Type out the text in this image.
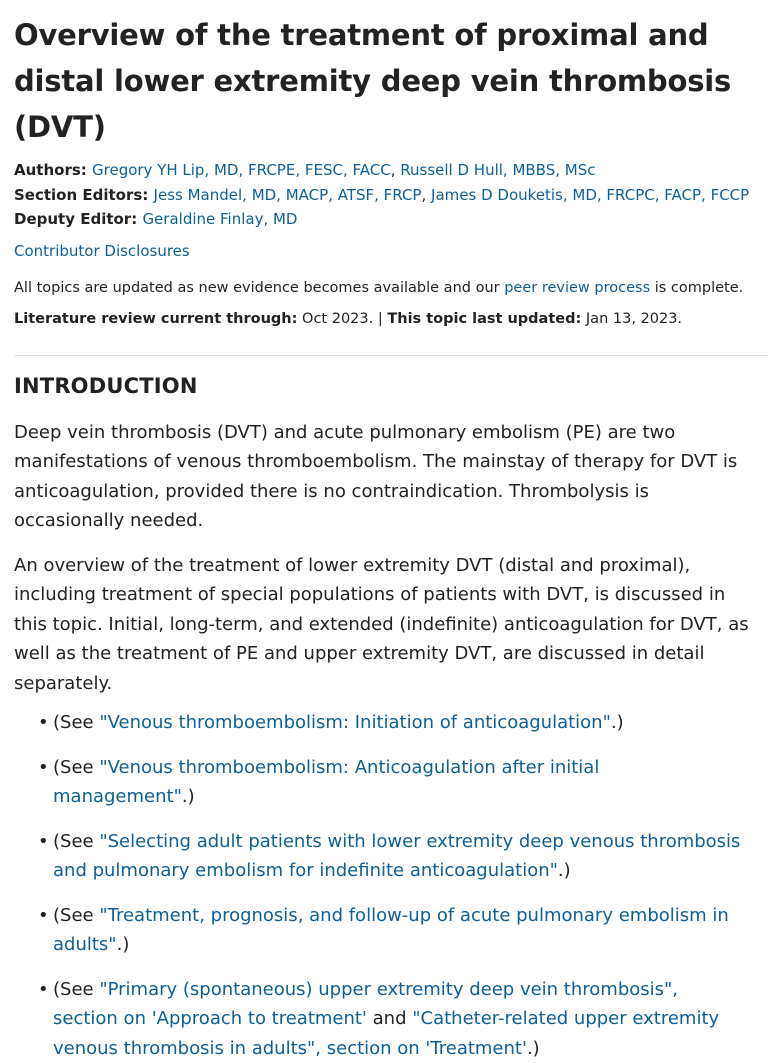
Overview of the treatment of proximal and distal lower extremity deep vein thrombosis (DVT)
Authors: Gregory YH Lip, MD, FRCPE, FESC, FACC, Russell D Hull, MBBS, MSc
Section Editors: Jess Mandel, MD, MACP, ATSF, FRCP, James D Douketis, MD, FRCPC, FACP, FCCP
Deputy Editor: Geraldine Finlay, MD
Contributor Disclosures
All topics are updated as new evidence becomes available and our peer review process is complete.
Literature review current through: Oct 2023. | This topic last updated: Jan 13, 2023.
INTRODUCTION

Deep vein thrombosis (DVT) and acute pulmonary embolism (PE) are two manifestations of venous thromboembolism. The mainstay of therapy for DVT is anticoagulation, provided there is no contraindication. Thrombolysis is occasionally needed.

An overview of the treatment of lower extremity DVT (distal and proximal), including treatment of special populations of patients with DVT, is discussed in this topic. Initial, long-term, and extended (indefinite) anticoagulation for DVT, as well as the treatment of PE and upper extremity DVT, are discussed in detail separately.

• (See "Venous thromboembolism: Initiation of anticoagulation".)
• (See "Venous thromboembolism: Anticoagulation after initial management".)
• (See "Selecting adult patients with lower extremity deep venous thrombosis and pulmonary embolism for indefinite anticoagulation".)
• (See "Treatment, prognosis, and follow-up of acute pulmonary embolism in adults".)
• (See "Primary (spontaneous) upper extremity deep vein thrombosis", section on 'Approach to treatment' and "Catheter-related upper extremity venous thrombosis in adults", section on 'Treatment'.)
